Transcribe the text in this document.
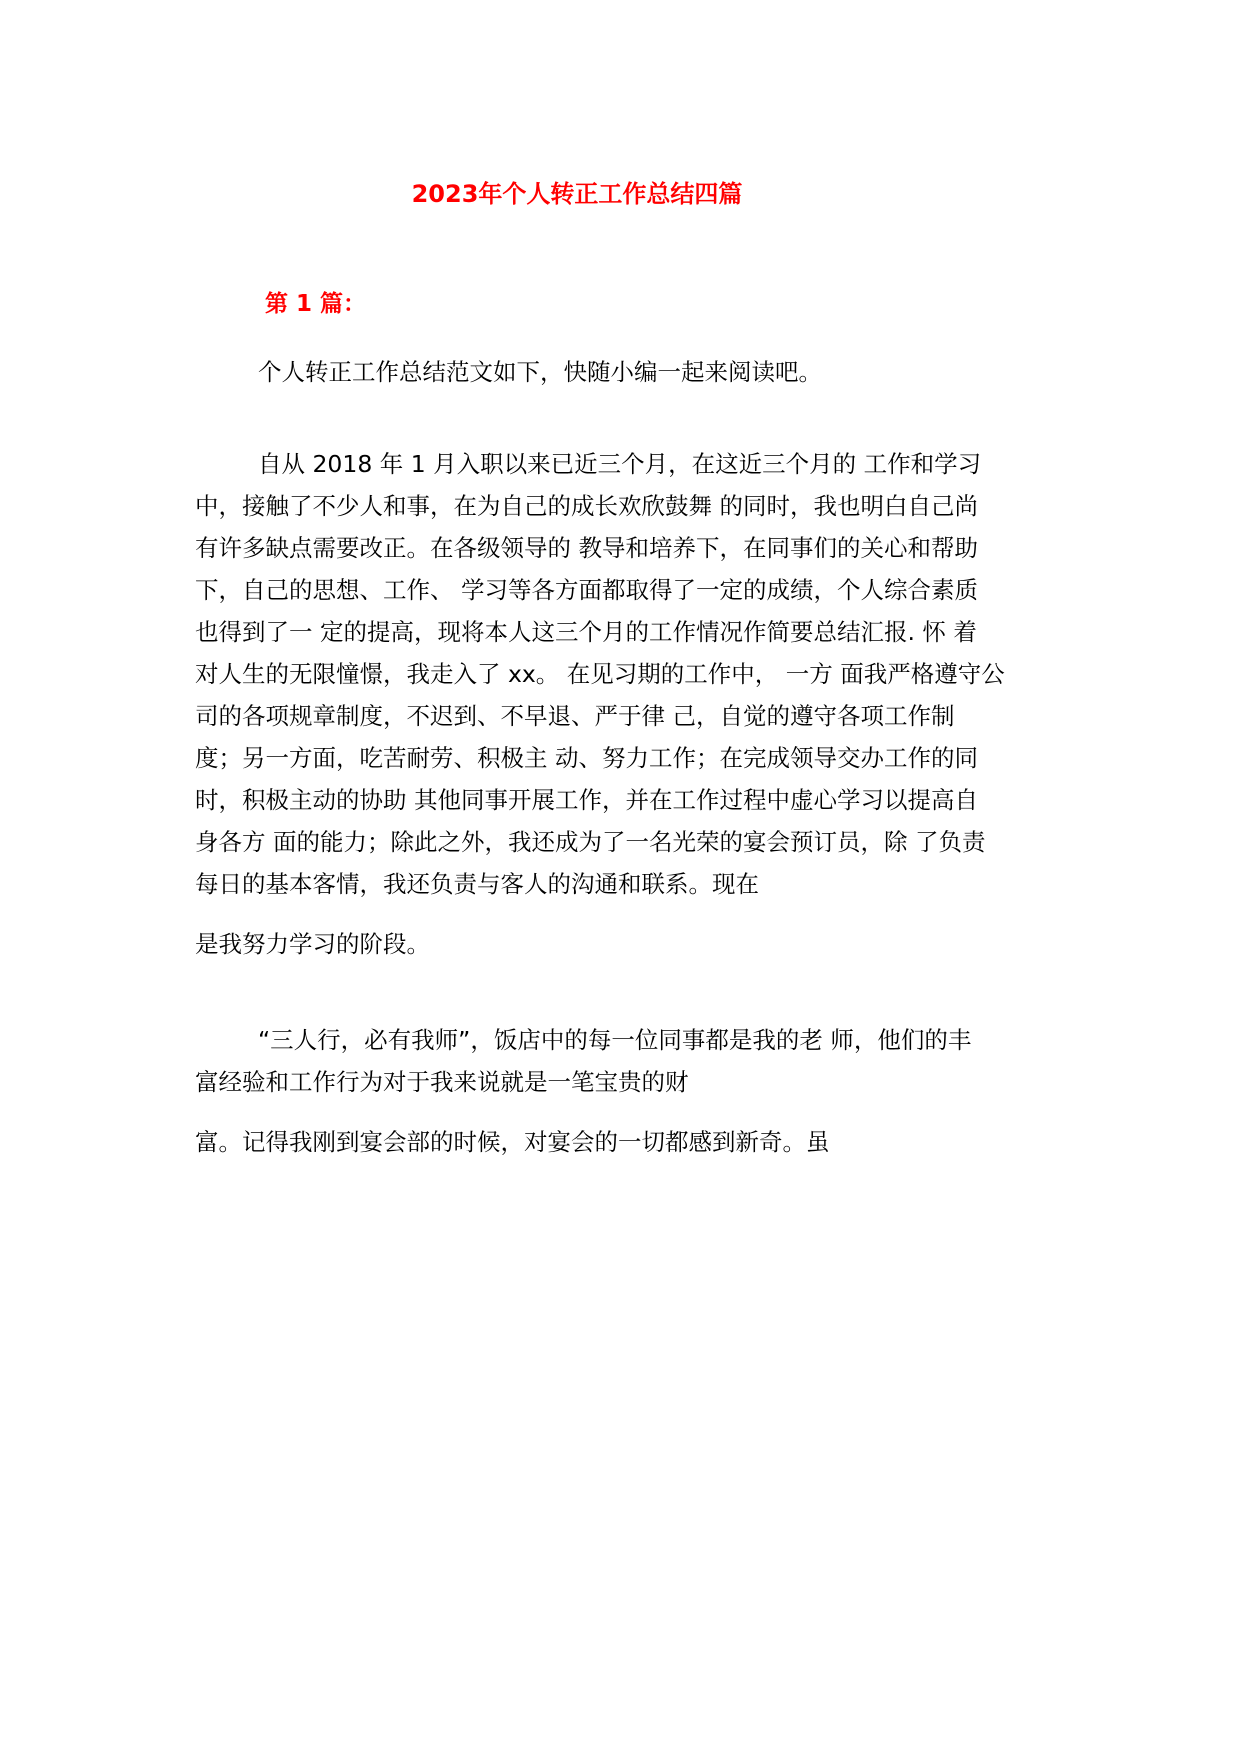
2023年个人转正工作总结四篇
第 1 篇：
个人转正工作总结范文如下，快随小编一起来阅读吧。
自从 2018 年 1 月入职以来已近三个月，在这近三个月的 工作和学习
中，接触了不少人和事，在为自己的成长欢欣鼓舞 的同时，我也明白自己尚
有许多缺点需要改正。在各级领导的 教导和培养下，在同事们的关心和帮助
下，自己的思想、工作、 学习等各方面都取得了一定的成绩，个人综合素质
也得到了一 定的提高，现将本人这三个月的工作情况作简要总结汇报. 怀 着
对人生的无限憧憬，我走入了 xx。 在见习期的工作中， 一方 面我严格遵守公
司的各项规章制度，不迟到、不早退、严于律 己，自觉的遵守各项工作制
度；另一方面，吃苦耐劳、积极主 动、努力工作；在完成领导交办工作的同
时，积极主动的协助 其他同事开展工作，并在工作过程中虚心学习以提高自
身各方 面的能力；除此之外，我还成为了一名光荣的宴会预订员，除 了负责
每日的基本客情，我还负责与客人的沟通和联系。现在
是我努力学习的阶段。
“三人行，必有我师”，饭店中的每一位同事都是我的老 师，他们的丰
富经验和工作行为对于我来说就是一笔宝贵的财
富。记得我刚到宴会部的时候，对宴会的一切都感到新奇。虽
